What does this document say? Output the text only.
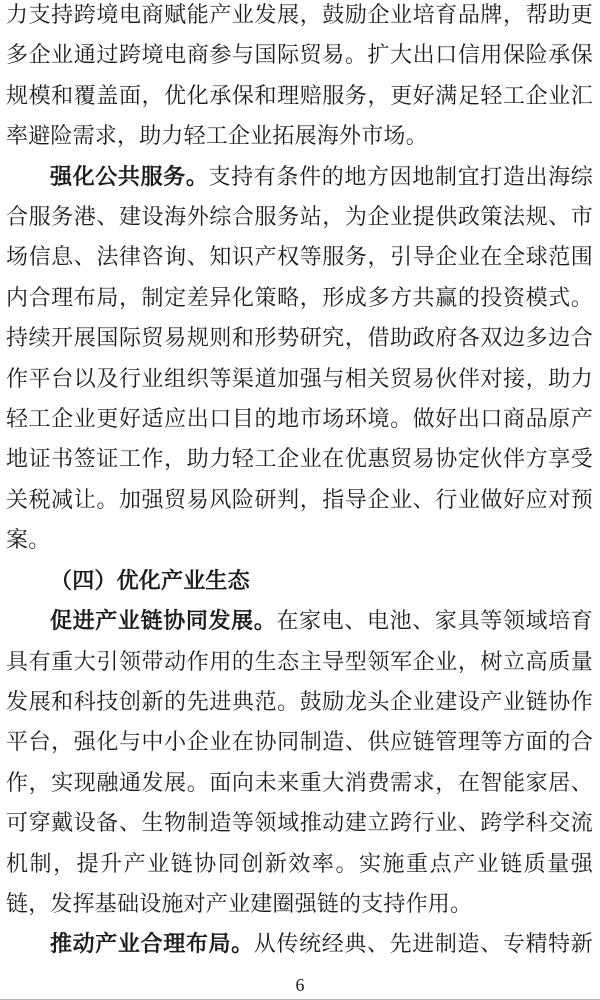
力支持跨境电商赋能产业发展，鼓励企业培育品牌，帮助更多企业通过跨境电商参与国际贸易。扩大出口信用保险承保规模和覆盖面，优化承保和理赔服务，更好满足轻工企业汇率避险需求，助力轻工企业拓展海外市场。

强化公共服务。支持有条件的地方因地制宜打造出海综合服务港、建设海外综合服务站，为企业提供政策法规、市场信息、法律咨询、知识产权等服务，引导企业在全球范围内合理布局，制定差异化策略，形成多方共赢的投资模式。持续开展国际贸易规则和形势研究，借助政府各双边多边合作平台以及行业组织等渠道加强与相关贸易伙伴对接，助力轻工企业更好适应出口目的地市场环境。做好出口商品原产地证书签证工作，助力轻工企业在优惠贸易协定伙伴方享受关税减让。加强贸易风险研判，指导企业、行业做好应对预案。

（四）优化产业生态

促进产业链协同发展。在家电、电池、家具等领域培育具有重大引领带动作用的生态主导型领军企业，树立高质量发展和科技创新的先进典范。鼓励龙头企业建设产业链协作平台，强化与中小企业在协同制造、供应链管理等方面的合作，实现融通发展。面向未来重大消费需求，在智能家居、可穿戴设备、生物制造等领域推动建立跨行业、跨学科交流机制，提升产业链协同创新效率。实施重点产业链质量强链，发挥基础设施对产业建圈强链的支持作用。

推动产业合理布局。从传统经典、先进制造、专精特新

6
